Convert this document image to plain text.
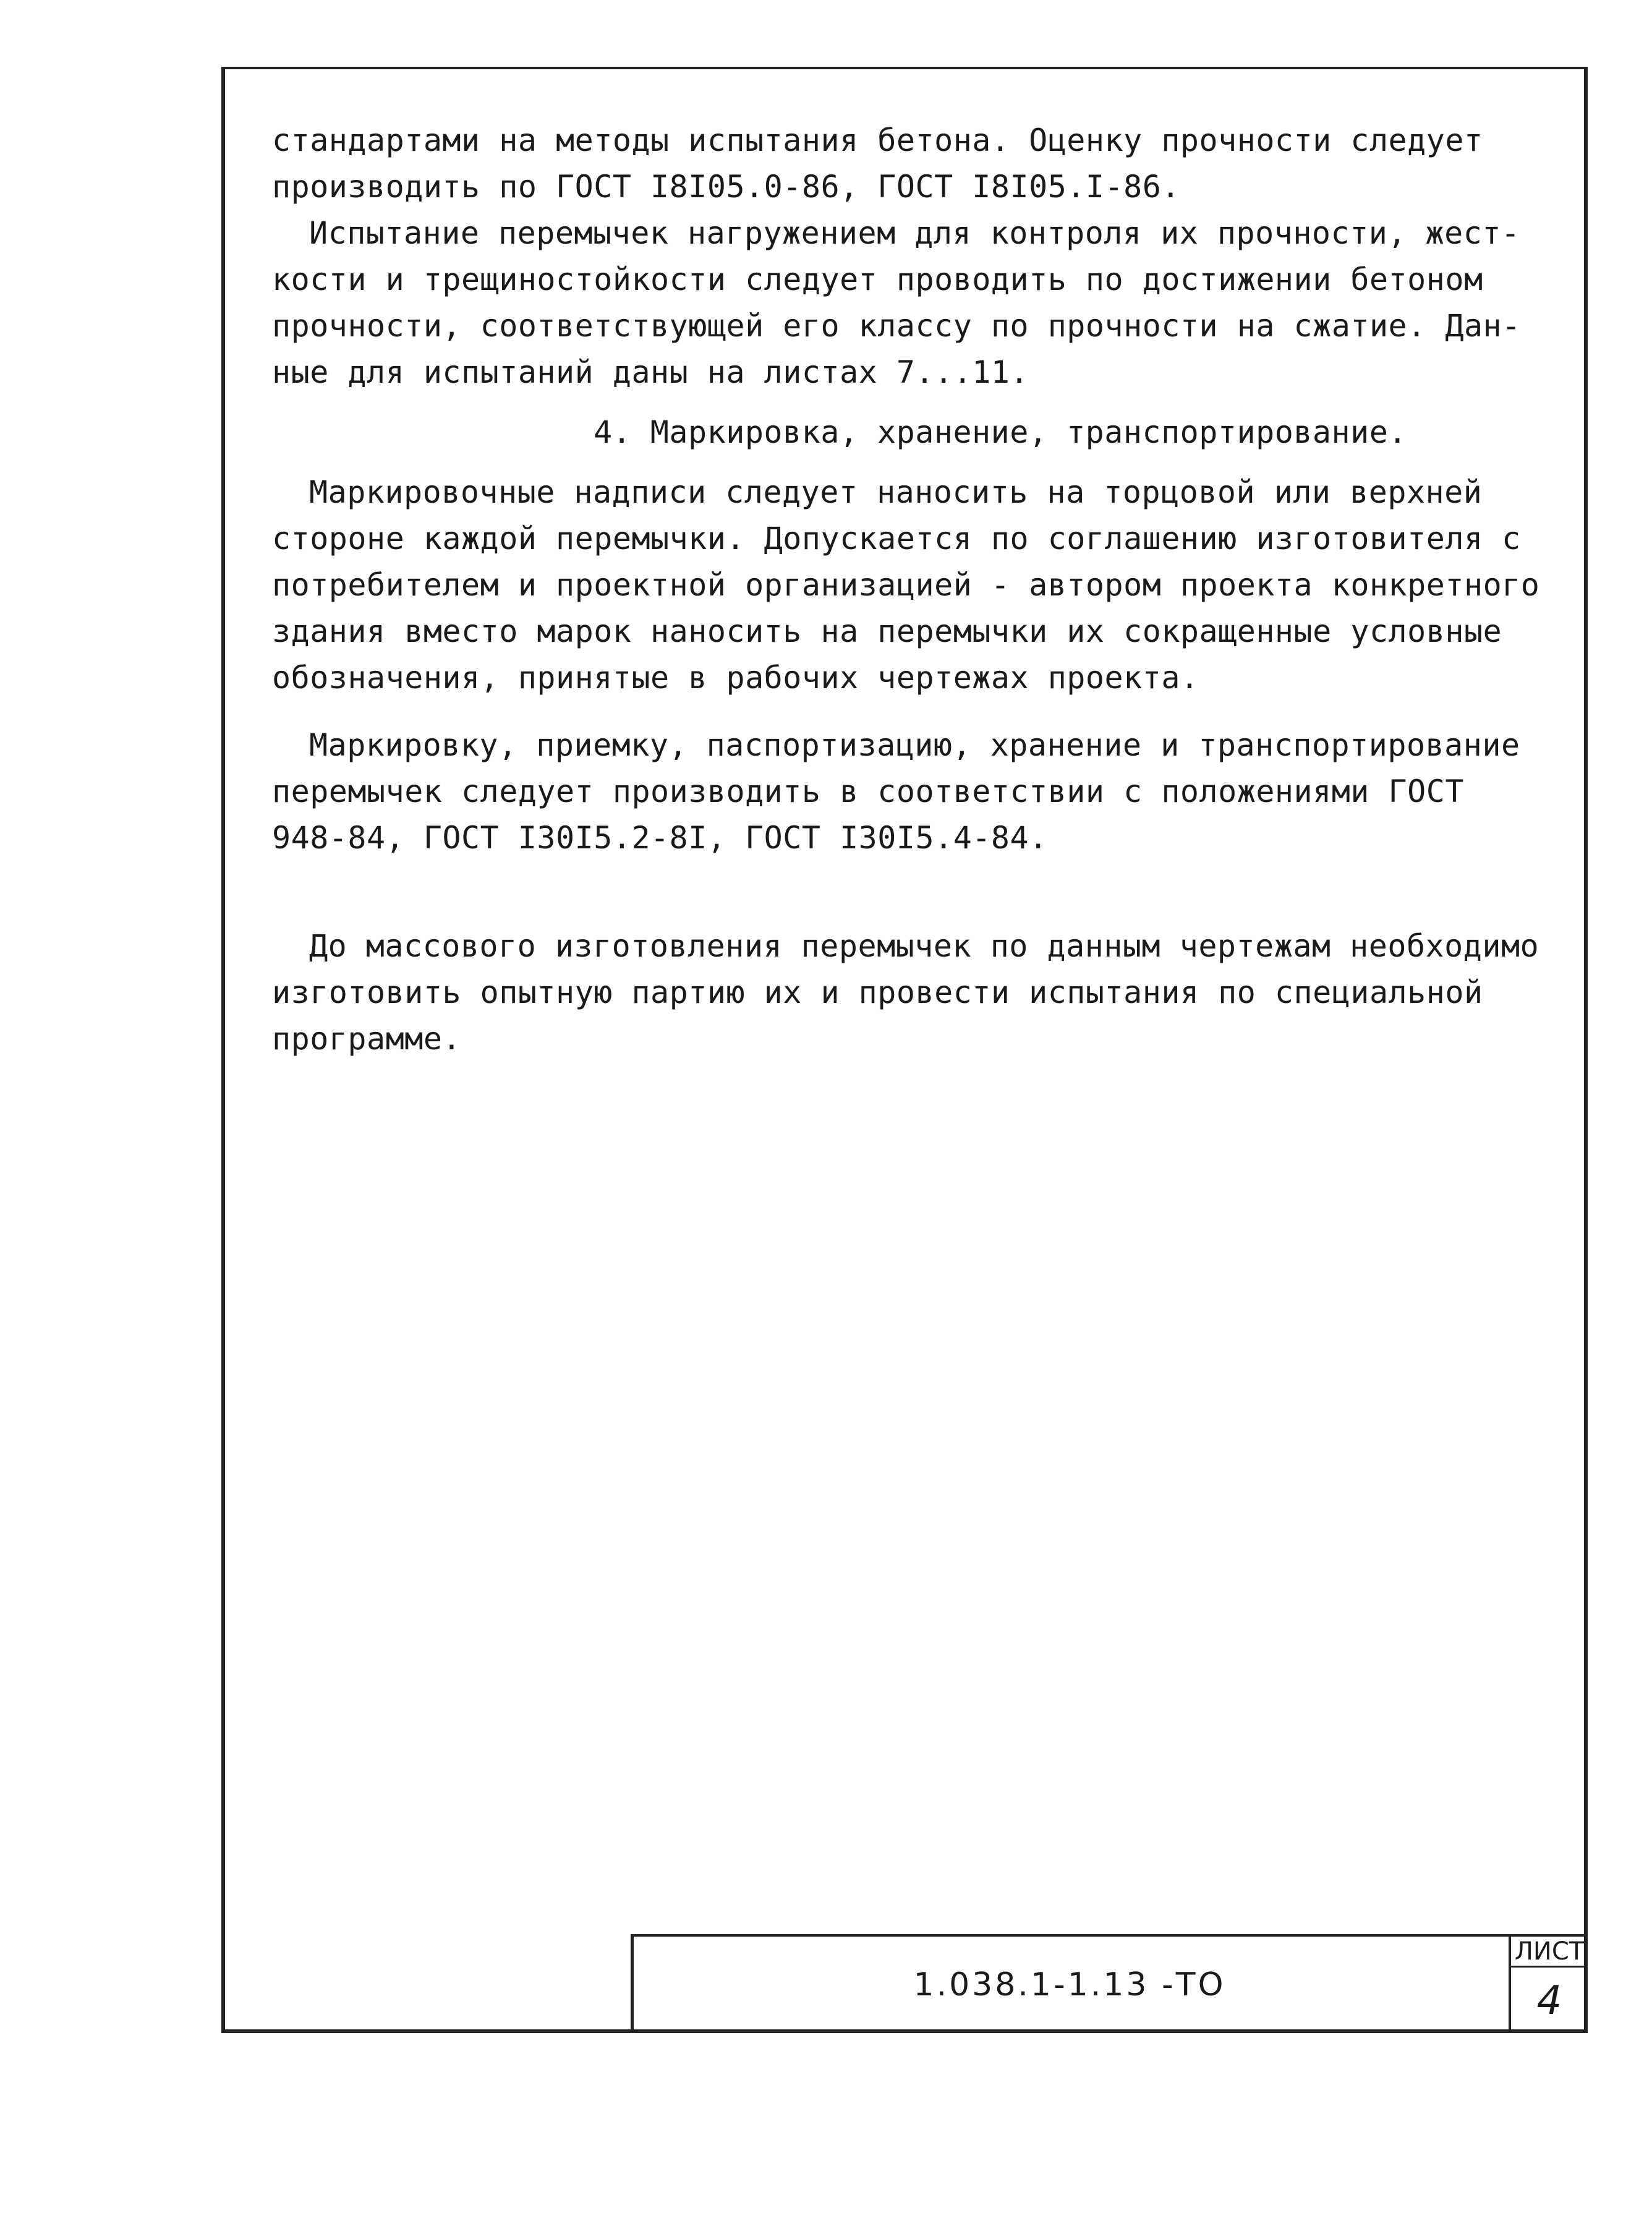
стандартами на методы испытания бетона. Оценку прочности следует

производить по ГОСТ I8I05.0-86, ГОСТ I8I05.I-86.

Испытание перемычек нагружением для контроля их прочности, жест-

кости и трещиностойкости следует проводить по достижении бетоном

прочности, соответствующей его классу по прочности на сжатие. Дан-

ные для испытаний даны на листах 7...11.

4. Маркировка, хранение, транспортирование.

Маркировочные надписи следует наносить на торцовой или верхней

стороне каждой перемычки. Допускается по соглашению изготовителя с

потребителем и проектной организацией - автором проекта конкретного

здания вместо марок наносить на перемычки их сокращенные условные

обозначения, принятые в рабочих чертежах проекта.

Маркировку, приемку, паспортизацию, хранение и транспортирование

перемычек следует производить в соответствии с положениями ГОСТ

948-84, ГОСТ I30I5.2-8I, ГОСТ I30I5.4-84.

До массового изготовления перемычек по данным чертежам необходимо

изготовить опытную партию их и провести испытания по специальной

программе.

1.038.1-1.13 -ТО
ЛИСТ
4
